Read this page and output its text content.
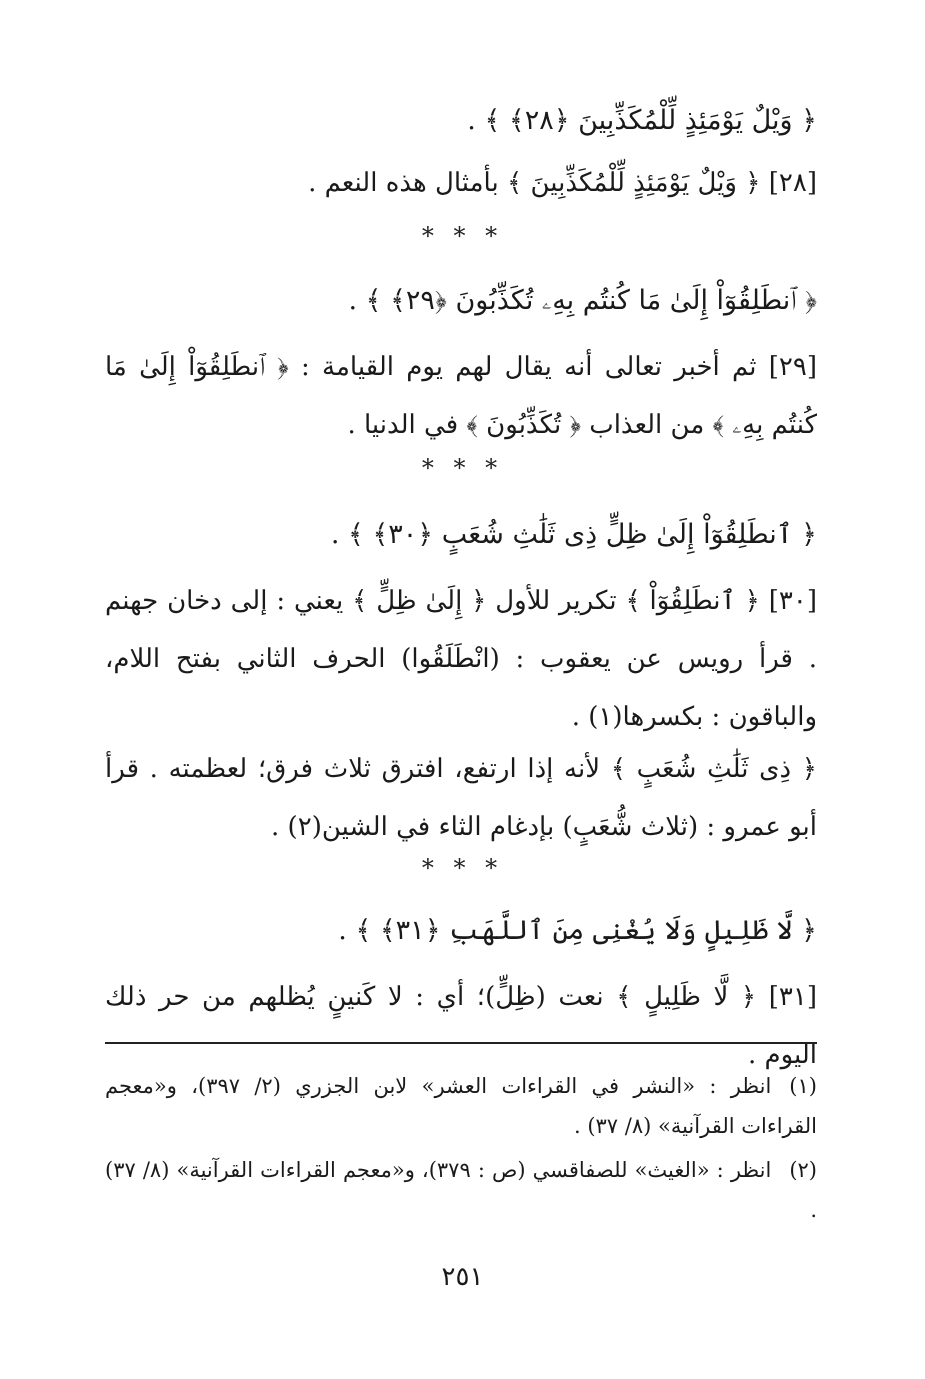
﴿ وَيْلٌ يَوْمَئِذٍ لِّلْمُكَذِّبِينَ ﴿٢٨﴾ ﴾ .
[٢٨] ﴿ وَيْلٌ يَوْمَئِذٍ لِّلْمُكَذِّبِينَ ﴾ بأمثال هذه النعم .
* * *
﴿ ٱنطَلِقُوٓاْ إِلَىٰ مَا كُنتُم بِهِۦ تُكَذِّبُونَ ﴿٢٩﴾ ﴾ .
[٢٩] ثم أخبر تعالى أنه يقال لهم يوم القيامة : ﴿ ٱنطَلِقُوٓاْ إِلَىٰ مَا كُنتُم بِهِۦ ﴾ من العذاب ﴿ تُكَذِّبُونَ ﴾ في الدنيا .
* * *
﴿ ٱنطَلِقُوٓاْ إِلَىٰ ظِلٍّ ذِى ثَلَٰثِ شُعَبٍ ﴿٣٠﴾ ﴾ .
[٣٠] ﴿ ٱنطَلِقُوٓاْ ﴾ تكرير للأول ﴿ إِلَىٰ ظِلٍّ ﴾ يعني : إلى دخان جهنم . قرأ رويس عن يعقوب : (انْطَلَقُوا) الحرف الثاني بفتح اللام، والباقون : بكسرها(١) .
﴿ ذِى ثَلَٰثِ شُعَبٍ ﴾ لأنه إذا ارتفع، افترق ثلاث فرق؛ لعظمته . قرأ أبو عمرو : (ثلاث شُّعَبٍ) بإدغام الثاء في الشين(٢) .
* * *
﴿ لَّا ظَلِيلٍ وَلَا يُغْنِى مِنَ ٱللَّهَبِ ﴿٣١﴾ ﴾ .
[٣١] ﴿ لَّا ظَلِيلٍ ﴾ نعت (ظِلٍّ)؛ أي : لا كَنينٍ يُظلهم من حر ذلك اليوم .
(١)انظر : «النشر في القراءات العشر» لابن الجزري (٢/ ٣٩٧)، و«معجم القراءات القرآنية» (٨/ ٣٧) .
(٢)انظر : «الغيث» للصفاقسي (ص : ٣٧٩)، و«معجم القراءات القرآنية» (٨/ ٣٧) .
٢٥١
